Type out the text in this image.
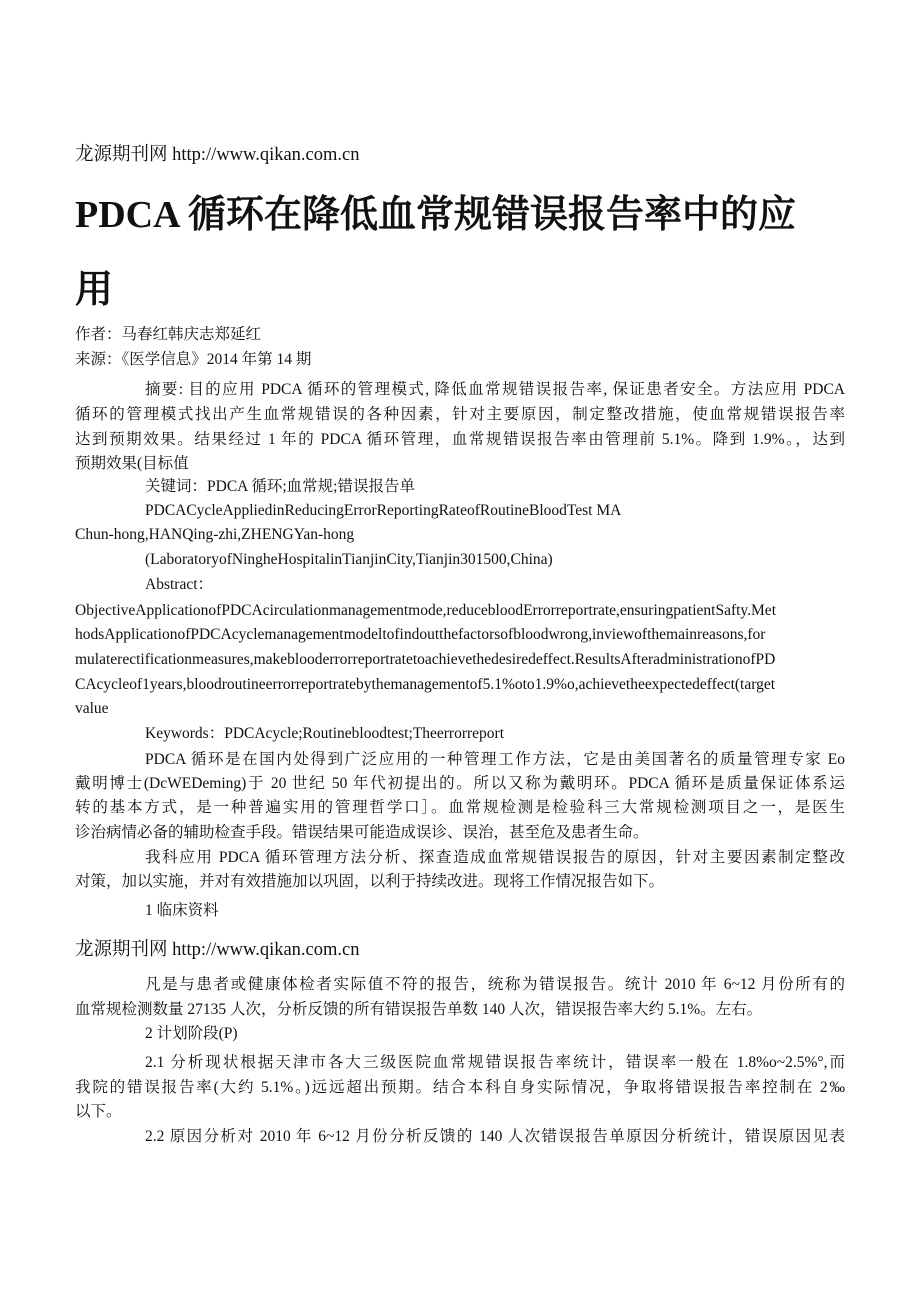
龙源期刊网 http://www.qikan.com.cn
PDCA 循环在降低血常规错误报告率中的应
用
龙源期刊网 http://www.qikan.com.cn
作者：马春红韩庆志郑延红
来源：《医学信息》2014 年第 14 期
摘要: 目的应用 PDCA 循环的管理模式, 降低血常规错误报告率, 保证患者安全。方法应用 PDCA
循环的管理模式找出产生血常规错误的各种因素，针对主要原因，制定整改措施，使血常规错误报告率
达到预期效果。结果经过 1 年的 PDCA 循环管理，血常规错误报告率由管理前 5.1%。降到 1.9%。，达到
预期效果(目标值
关键词：PDCA 循环;血常规;错误报告单
PDCACycleAppliedinReducingErrorReportingRateofRoutineBloodTest MA
Chun-hong,HANQing-zhi,ZHENGYan-hong
(LaboratoryofNingheHospitalinTianjinCity,Tianjin301500,China)
Abstract：
ObjectiveApplicationofPDCAcirculationmanagementmode,reducebloodErrorreportrate,ensuringpatientSafty.Met
hodsApplicationofPDCAcyclemanagementmodeltofindoutthefactorsofbloodwrong,inviewofthemainreasons,for
mulaterectificationmeasures,makeblooderrorreportratetoachievethedesiredeffect.ResultsAfteradministrationofPD
CAcycleof1years,bloodroutineerrorreportratebythemanagementof5.1%oto1.9%o,achievetheexpectedeffect(target
value
Keywords：PDCAcycle;Routinebloodtest;Theerrorreport
PDCA 循环是在国内处得到广泛应用的一种管理工作方法，它是由美国著名的质量管理专家 Eo
戴明博士(DcWEDeming)于 20 世纪 50 年代初提出的。所以又称为戴明环。PDCA 循环是质量保证体系运
转的基本方式，是一种普遍实用的管理哲学口］。血常规检测是检验科三大常规检测项目之一，是医生
诊治病情必备的辅助检查手段。错误结果可能造成误诊、误治，甚至危及患者生命。
我科应用 PDCA 循环管理方法分析、探查造成血常规错误报告的原因，针对主要因素制定整改
对策，加以实施，并对有效措施加以巩固，以利于持续改进。现将工作情况报告如下。
1 临床资料
凡是与患者或健康体检者实际值不符的报告，统称为错误报告。统计 2010 年 6~12 月份所有的
血常规检测数量 27135 人次，分析反馈的所有错误报告单数 140 人次，错误报告率大约 5.1%。左右。
2 计划阶段(P)
2.1 分析现状根据天津市各大三级医院血常规错误报告率统计，错误率一般在 1.8%o~2.5%°,而
我院的错误报告率(大约 5.1%。)远远超出预期。结合本科自身实际情况，争取将错误报告率控制在 2‰
以下。
2.2 原因分析对 2010 年 6~12 月份分析反馈的 140 人次错误报告单原因分析统计，错误原因见表
